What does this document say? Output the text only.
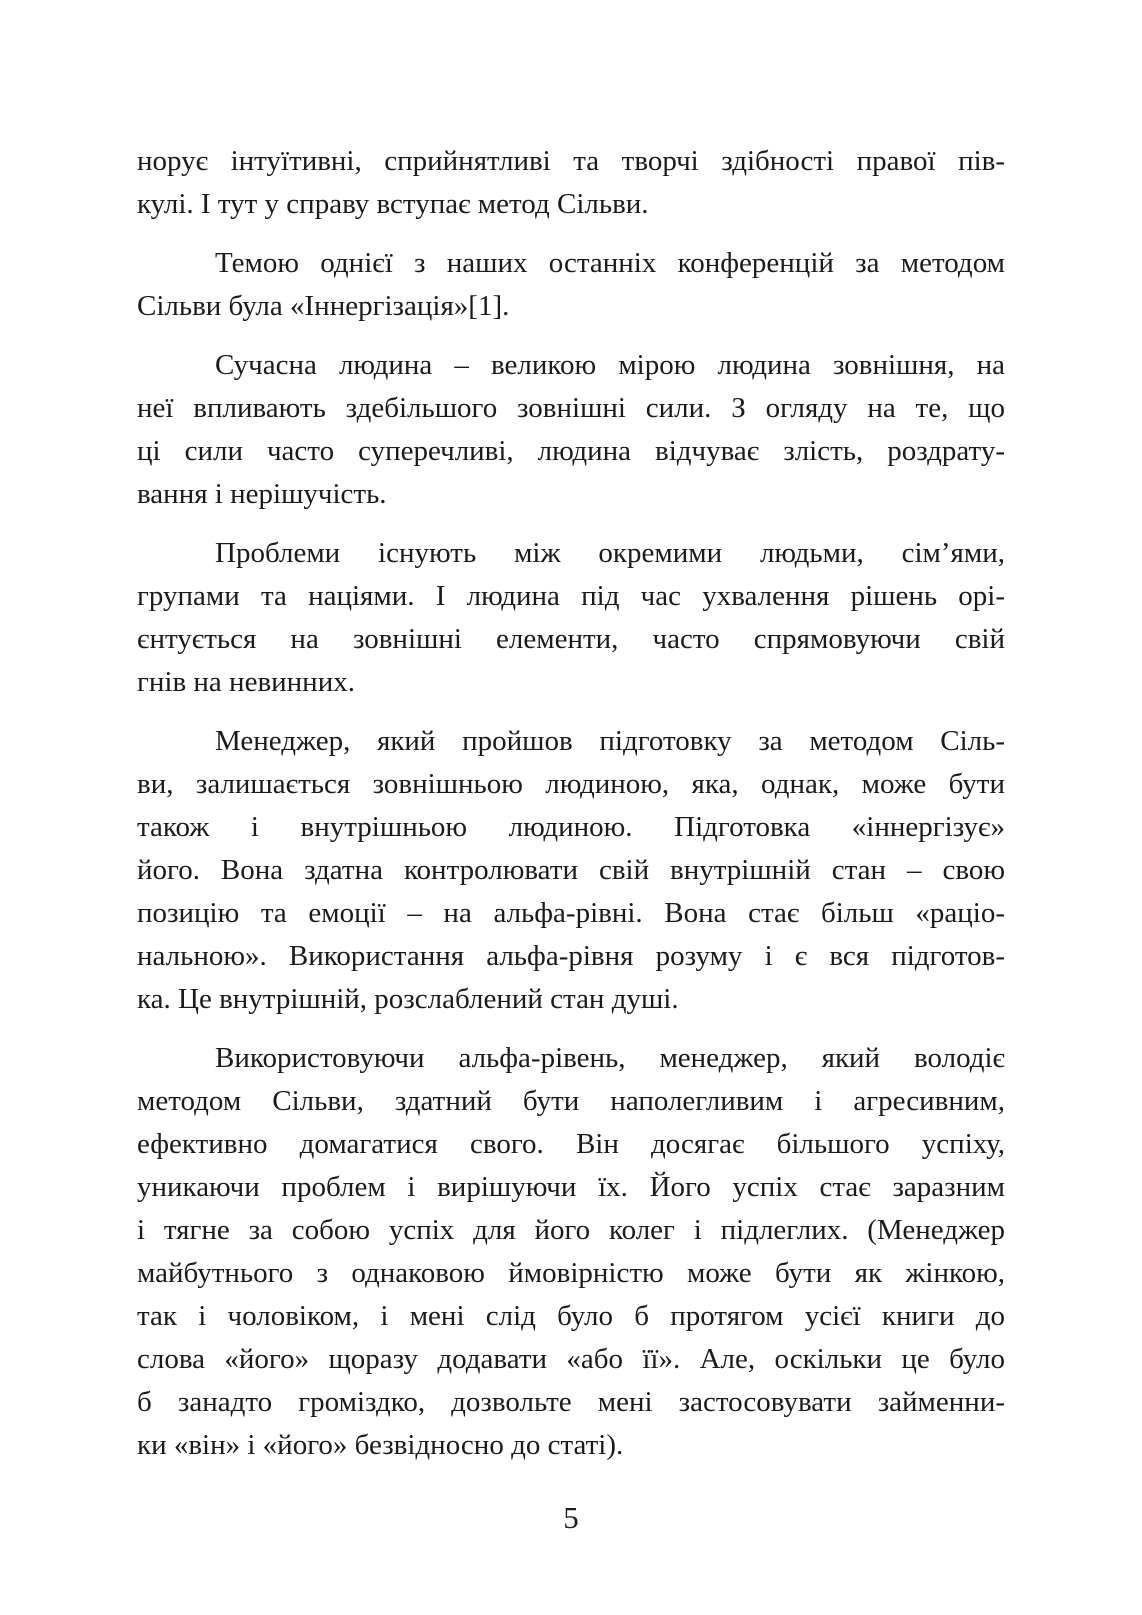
норує інтуїтивні, сприйнятливі та творчі здібності правої пів-
кулі. І тут у справу вступає метод Сільви.
Темою однієї з наших останніх конференцій за методом
Сільви була «Іннергізація»[1].
Сучасна людина – великою мірою людина зовнішня, на
неї впливають здебільшого зовнішні сили. З огляду на те, що
ці сили часто суперечливі, людина відчуває злість, роздрату-
вання і нерішучість.
Проблеми існують між окремими людьми, сім’ями,
групами та націями. І людина під час ухвалення рішень орі-
єнтується на зовнішні елементи, часто спрямовуючи свій
гнів на невинних.
Менеджер, який пройшов підготовку за методом Сіль-
ви, залишається зовнішньою людиною, яка, однак, може бути
також і внутрішньою людиною. Підготовка «іннергізує»
його. Вона здатна контролювати свій внутрішній стан – свою
позицію та емоції – на альфа-рівні. Вона стає більш «раціо-
нальною». Використання альфа-рівня розуму і є вся підготов-
ка. Це внутрішній, розслаблений стан душі.
Використовуючи альфа-рівень, менеджер, який володіє
методом Сільви, здатний бути наполегливим і агресивним,
ефективно домагатися свого. Він досягає більшого успіху,
уникаючи проблем і вирішуючи їх. Його успіх стає заразним
і тягне за собою успіх для його колег і підлеглих. (Менеджер
майбутнього з однаковою ймовірністю може бути як жінкою,
так і чоловіком, і мені слід було б протягом усієї книги до
слова «його» щоразу додавати «або її». Але, оскільки це було
б занадто громіздко, дозвольте мені застосовувати займенни-
ки «він» і «його» безвідносно до статі).
5
